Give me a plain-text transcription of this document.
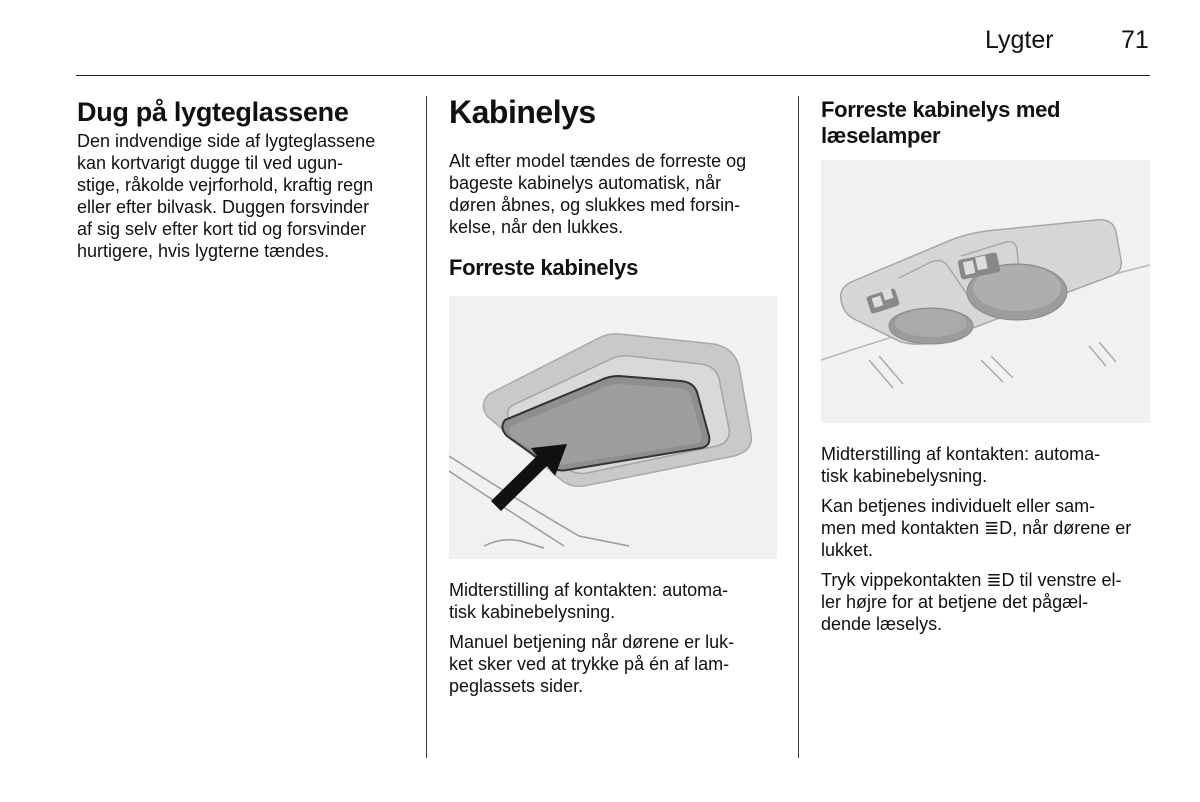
Lygter	71
Dug på lygteglassene

Den indvendige side af lygteglassene
kan kortvarigt dugge til ved ugun-
stige, råkolde vejrforhold, kraftig regn
eller efter bilvask. Duggen forsvinder
af sig selv efter kort tid og forsvinder
hurtigere, hvis lygterne tændes.

Kabinelys

Alt efter model tændes de forreste og
bageste kabinelys automatisk, når
døren åbnes, og slukkes med forsin-
kelse, når den lukkes.

Forreste kabinelys

Midterstilling af kontakten: automa-
tisk kabinebelysning.

Manuel betjening når dørene er luk-
ket sker ved at trykke på én af lam-
peglassets sider.

Forreste kabinelys med
læselamper

Midterstilling af kontakten: automa-
tisk kabinebelysning.

Kan betjenes individuelt eller sam-
men med kontakten ≣D, når dørene er
lukket.

Tryk vippekontakten ≣D til venstre el-
ler højre for at betjene det pågæl-
dende læselys.
